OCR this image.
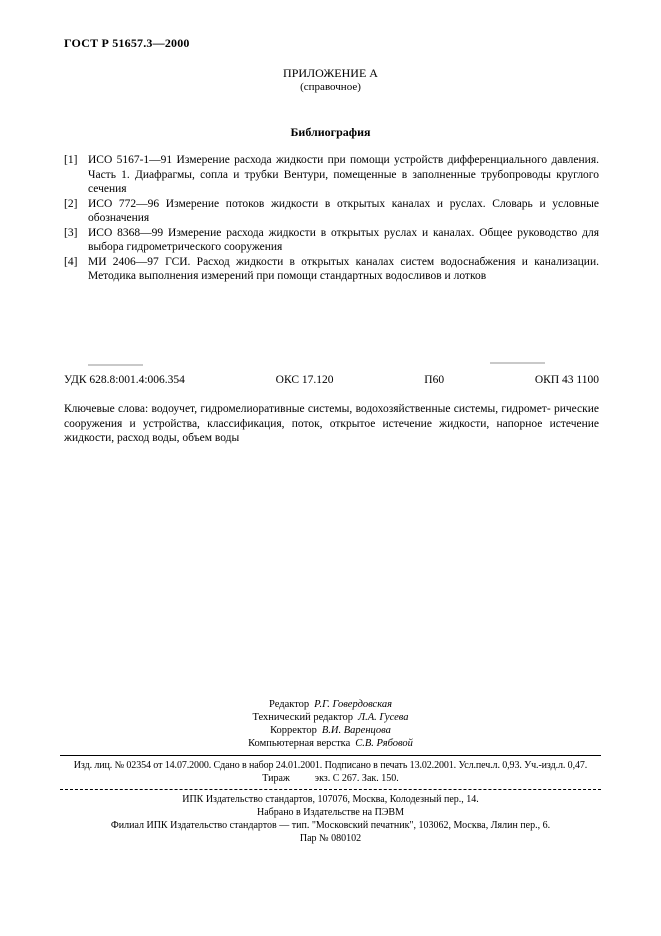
ГОСТ Р 51657.3—2000
ПРИЛОЖЕНИЕ А
(справочное)
Библиография
[1] ИСО 5167-1—91 Измерение расхода жидкости при помощи устройств дифференциального давления. Часть 1. Диафрагмы, сопла и трубки Вентури, помещенные в заполненные трубопроводы круглого сечения
[2] ИСО 772—96 Измерение потоков жидкости в открытых каналах и руслах. Словарь и условные обозначения
[3] ИСО 8368—99 Измерение расхода жидкости в открытых руслах и каналах. Общее руководство для выбора гидрометрического сооружения
[4] МИ 2406—97 ГСИ. Расход жидкости в открытых каналах систем водоснабжения и канализации. Методика выполнения измерений при помощи стандартных водосливов и лотков
УДК 628.8:001.4:006.354	ОКС 17.120	П60	ОКП 43 1100

Ключевые слова: водоучет, гидромелиоративные системы, водохозяйственные системы, гидромет- рические сооружения и устройства, классификация, поток, открытое истечение жидкости, напорное истечение жидкости, расход воды, объем воды

Редактор Р.Г. Говердовская
Технический редактор Л.А. Гусева
Корректор В.И. Варенцова
Компьютерная верстка С.В. Рябовой
Изд. лиц. № 02354 от 14.07.2000. Сдано в набор 24.01.2001. Подписано в печать 13.02.2001. Усл.печ.л. 0,93. Уч.-изд.л. 0,47.
Тираж          экз. С 267. Зак. 150.
ИПК Издательство стандартов, 107076, Москва, Колодезный пер., 14.
Набрано в Издательстве на ПЭВМ
Филиал ИПК Издательство стандартов — тип. "Московский печатник", 103062, Москва, Лялин пер., 6.
Пар № 080102
